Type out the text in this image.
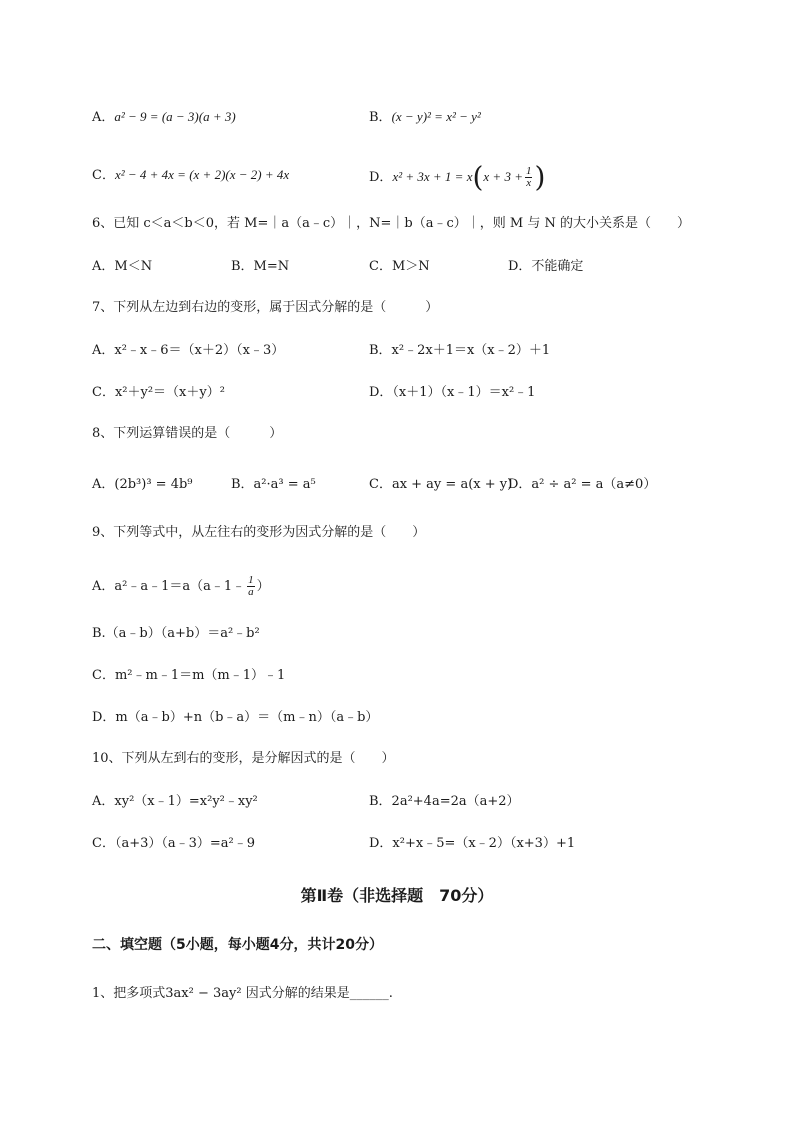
A．a² − 9 = (a − 3)(a + 3)	B．(x − y)² = x² − y²
C．x² − 4 + 4x = (x + 2)(x − 2) + 4x	D．$x^2 + 3x + 1 = x(x + 3 + \frac{1}{x}$ )
6、已知 c＜a＜b＜0，若 M=｜a（a﹣c）｜，N=｜b（a﹣c）｜，则 M 与 N 的大小关系是（　　）
A．M＜N	B．M=N	C．M＞N	D．不能确定
7、下列从左边到右边的变形，属于因式分解的是（　　　）
A．x²﹣x﹣6＝（x＋2）（x﹣3）	B．x²﹣2x＋1＝x（x﹣2）＋1
C．x²＋y²＝（x＋y）²	D．（x＋1）（x﹣1）＝x²﹣1
8、下列运算错误的是（　　　）
A．(2b³)³ = 4b⁹	B．a²·a³ = a⁵	C．ax + ay = a(x + y)
D．a² ÷ a² = a（a≠0）
9、下列等式中，从左往右的变形为因式分解的是（　　）
A．a²﹣a﹣1＝a（a﹣1﹣ $\frac{1}{a}$ ）
B.（a﹣b）（a+b）＝a²﹣b²
C．m²﹣m﹣1＝m（m﹣1）﹣1
D．m（a﹣b）+n（b﹣a）＝（m﹣n）（a﹣b）
10、下列从左到右的变形，是分解因式的是（　　）
A．xy²（x﹣1）=x²y²﹣xy²	B．2a²+4a=2a（a+2）
C．（a+3）（a﹣3）=a²﹣9	D．x²+x﹣5=（x﹣2）（x+3）+1
第Ⅱ卷（非选择题　70分）
二、填空题（5小题，每小题4分，共计20分）
1、把多项式3ax² − 3ay² 因式分解的结果是______.
